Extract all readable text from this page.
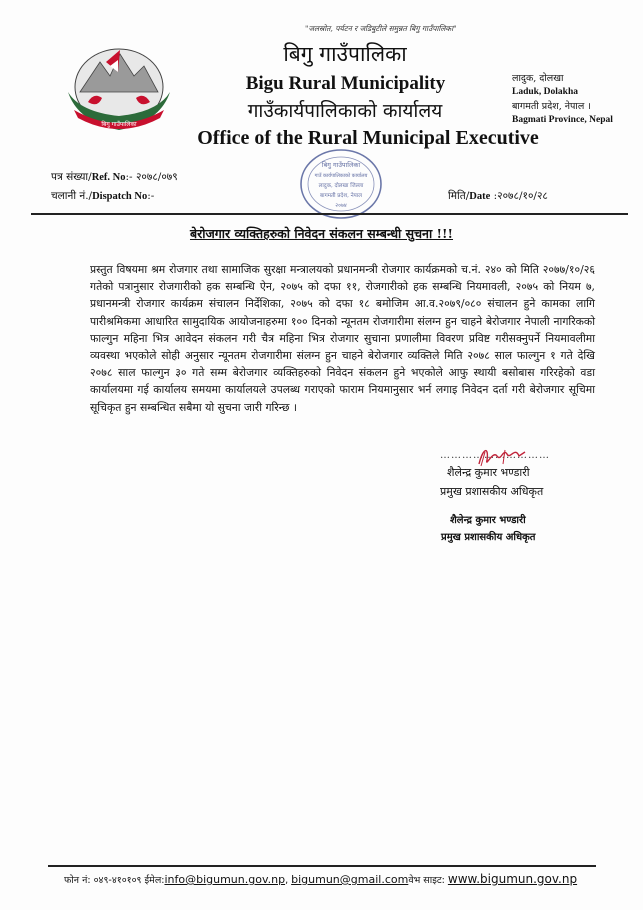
"जलस्रोत, पर्यटन र जडिबुटीले समुन्नत बिगु गाउँपालिका"
बिगु गाउँपालिका
बिगु गाउँपालिका
Bigu Rural Municipality
गाउँकार्यपालिकाको कार्यालय
Office of the Rural Municipal Executive
लादुक, दोलखा
Laduk, Dolakha
बागमती प्रदेश, नेपाल ।
Bagmati Province, Nepal
पत्र संख्या/Ref. No:- २०७८/०७९
चलानी नं./Dispatch No:-
बिगु गाउँपालिका
गाउँ कार्यपालिकाको कार्यालय
लादुक, दोलखा जिल्ला
बागमती प्रदेश, नेपाल
२०७४
मिति/Date :२०७८/१०/२८
बेरोजगार व्यक्तिहरुको निवेदन संकलन सम्बन्धी सुचना !!!
प्रस्तुत विषयमा श्रम रोजगार तथा सामाजिक सुरक्षा मन्त्रालयको प्रधानमन्त्री रोजगार कार्यक्रमको च.नं. २४० को मिति २०७७/१०/२६ गतेको पत्रानुसार रोजगारीको हक सम्बन्धि ऐन, २०७५ को दफा ११, रोजगारीको हक सम्बन्धि नियमावली, २०७५ को नियम ७, प्रधानमन्त्री रोजगार कार्यक्रम संचालन निर्देशिका, २०७५ को दफा १८ बमोजिम आ.व.२०७९/०८० संचालन हुने कामका लागि पारीश्रमिकमा आधारित सामुदायिक आयोजनाहरुमा १०० दिनको न्यूनतम रोजगारीमा संलग्न हुन चाहने बेरोजगार नेपाली नागरिकको फाल्गुन महिना भित्र आवेदन संकलन गरी चैत्र महिना भित्र रोजगार सुचाना प्रणालीमा विवरण प्रविष्ट गरीसक्नुपर्ने नियमावलीमा व्यवस्था भएकोले सोही अनुसार न्यूनतम रोजगारीमा संलग्न हुन चाहने बेरोजगार व्यक्तिले मिति २०७८ साल फाल्गुन १ गते देखि २०७८ साल फाल्गुन ३० गते सम्म बेरोजगार व्यक्तिहरुको निवेदन संकलन हुने भएकोले आफु स्थायी बसोबास गरिरहेको वडा कार्यालयमा गई कार्यालय समयमा कार्यालयले उपलब्ध गराएको फाराम नियमानुसार भर्न लगाइ निवेदन दर्ता गरी बेरोजगार सूचिमा सूचिकृत हुन सम्बन्धित सबैमा यो सुचना जारी गरिन्छ ।
…………………………
शैलेन्द्र कुमार भण्डारी
प्रमुख प्रशासकीय अधिकृत
शैलेन्द्र कुमार भण्डारी
प्रमुख प्रशासकीय अधिकृत
फोन नं: ०४९-४१०१०९ ईमेल:info@bigumun.gov.np, bigumun@gmail.comवेभ साइट: www.bigumun.gov.np
